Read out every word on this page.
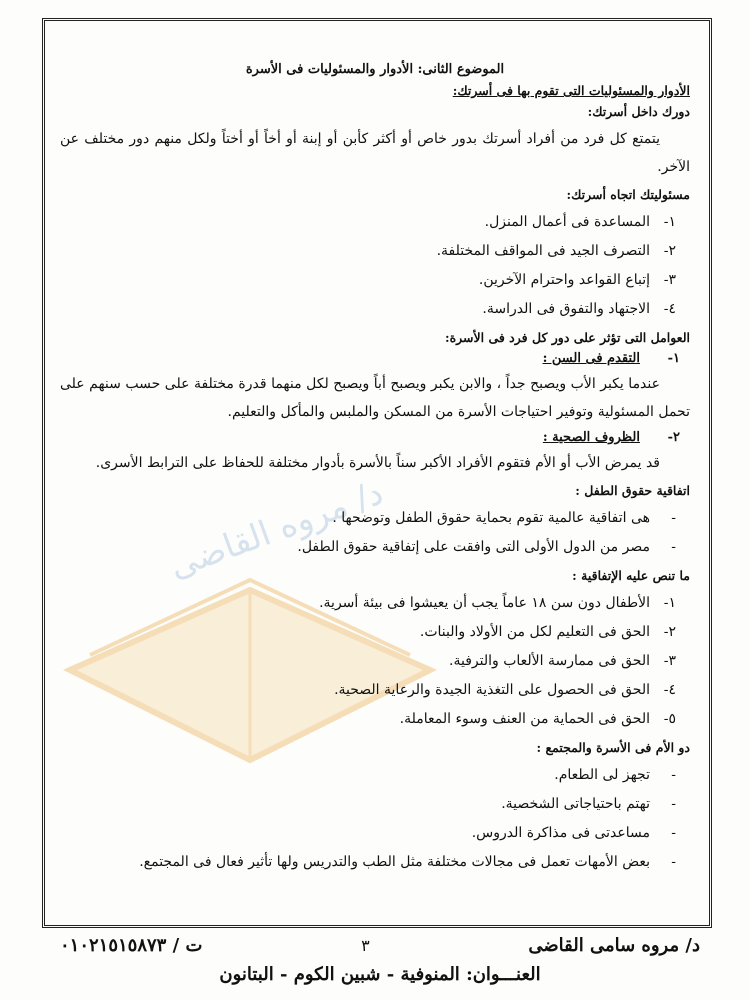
د/ مروه القاضى
الموضوع الثانى: الأدوار والمسئوليات فى الأسرة
الأدوار والمسئوليات التى تقوم بها فى أسرتك:
دورك داخل أسرتك:

يتمتع كل فرد من أفراد أسرتك بدور خاص أو أكثر كأبن أو إبنة أو أخاً أو أختاً ولكل منهم دور مختلف عن الآخر.

مسئوليتك اتجاه أسرتك:
١-
المساعدة فى أعمال المنزل.
٢-
التصرف الجيد فى المواقف المختلفة.
٣-
إتباع القواعد واحترام الآخرين.
٤-
الاجتهاد والتفوق فى الدراسة.
العوامل التى تؤثر على دور كل فرد فى الأسرة:
١-التقدم فى السن :

عندما يكبر الأب ويصبح جداً ، والابن يكبر ويصبح أباً ويصبح لكل منهما قدرة مختلفة على حسب سنهم على تحمل المسئولية وتوفير احتياجات الأسرة من المسكن والملبس والمأكل والتعليم.

٢-الظروف الصحية :

قد يمرض الأب أو الأم فتقوم الأفراد الأكبر سناً بالأسرة بأدوار مختلفة للحفاظ على الترابط الأسرى.

اتفاقية حقوق الطفل :
-
هى اتفاقية عالمية تقوم بحماية حقوق الطفل وتوضحها .
-
مصر من الدول الأولى التى وافقت على إتفاقية حقوق الطفل.
ما تنص عليه الإتفاقية :
١-
الأطفال دون سن ١٨ عاماً يجب أن يعيشوا فى بيئة أسرية.
٢-
الحق فى التعليم لكل من الأولاد والبنات.
٣-
الحق فى ممارسة الألعاب والترفية.
٤-
الحق فى الحصول على التغذية الجيدة والرعاية الصحية.
٥-
الحق فى الحماية من العنف وسوء المعاملة.
دو الأم فى الأسرة والمجتمع :
-
تجهز لى الطعام.
-
تهتم باحتياجاتى الشخصية.
-
مساعدتى فى مذاكرة الدروس.
-
بعض الأمهات تعمل فى مجالات مختلفة مثل الطب والتدريس ولها تأثير فعال فى المجتمع.
د/ مروه سامى القاضى
٣
ت / ٠١٠٢١٥١٥٨٧٣
العنـــوان: المنوفية - شبين الكوم - البتانون
